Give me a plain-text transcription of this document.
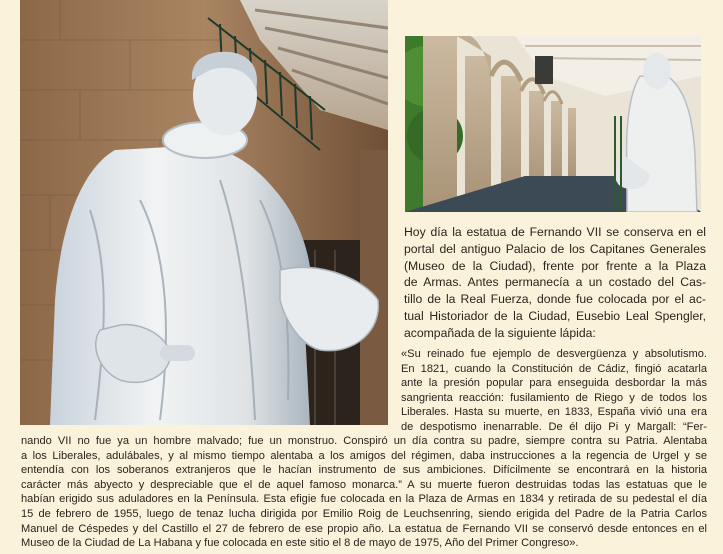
Hoy día la estatua de Fernando VII se conserva en el
portal del antiguo Palacio de los Capitanes Generales
(Museo de la Ciudad), frente por frente a la Plaza
de Armas. Antes permanecía a un costado del Cas-
tillo de la Real Fuerza, donde fue colocada por el ac-
tual Historiador de la Ciudad, Eusebio Leal Spengler,
acompañada de la siguiente lápida:
«Su reinado fue ejemplo de desvergüenza y absolutismo.
En 1821, cuando la Constitución de Cádiz, fingió acatarla
ante la presión popular para enseguida desbordar la más
sangrienta reacción: fusilamiento de Riego y de todos los
Liberales. Hasta su muerte, en 1833, España vivió una era
de despotismo inenarrable. De él dijo Pi y Margall: “Fer-
nando VII no fue ya un hombre malvado; fue un monstruo. Conspiró un día contra su padre, siempre contra su Patria. Alentaba
a los Liberales, adulábales, y al mismo tiempo alentaba a los amigos del régimen, daba instrucciones a la regencia de Urgel y se
entendía con los soberanos extranjeros que le hacían instrumento de sus ambiciones. Difícilmente se encontrará en la historia
carácter más abyecto y despreciable que el de aquel famoso monarca.” A su muerte fueron destruidas todas las estatuas que le
habían erigido sus aduladores en la Península. Esta efigie fue colocada en la Plaza de Armas en 1834 y retirada de su pedestal el día
15 de febrero de 1955, luego de tenaz lucha dirigida por Emilio Roig de Leuchsenring, siendo erigida del Padre de la Patria Carlos
Manuel de Céspedes y del Castillo el 27 de febrero de ese propio año. La estatua de Fernando VII se conservó desde entonces en el
Museo de la Ciudad de La Habana y fue colocada en este sitio el 8 de mayo de 1975, Año del Primer Congreso».
